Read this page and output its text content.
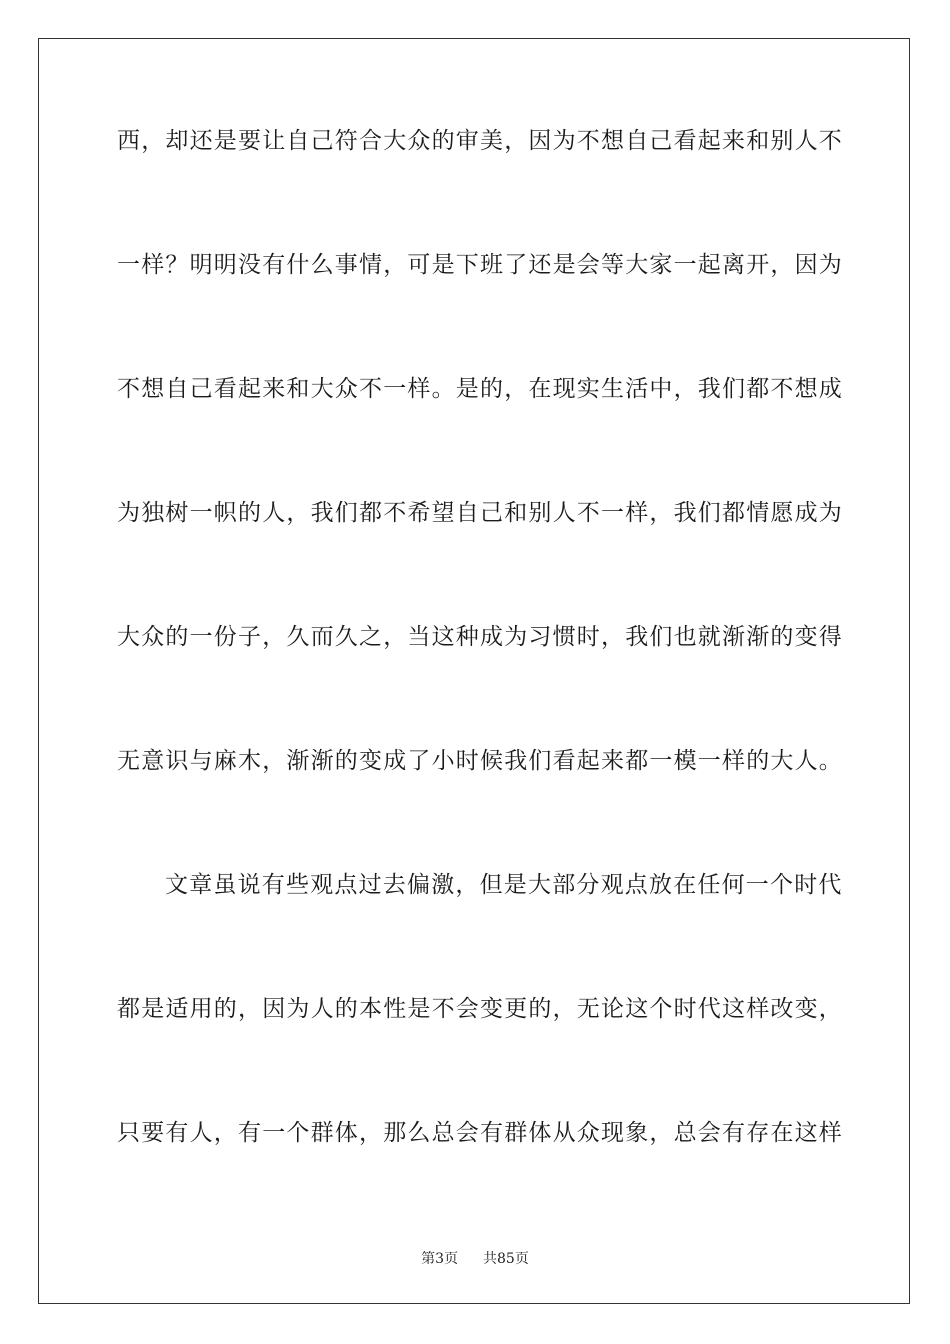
西，却还是要让自己符合大众的审美，因为不想自己看起来和别人不
一样？明明没有什么事情，可是下班了还是会等大家一起离开，因为
不想自己看起来和大众不一样。是的，在现实生活中，我们都不想成
为独树一帜的人，我们都不希望自己和别人不一样，我们都情愿成为
大众的一份子，久而久之，当这种成为习惯时，我们也就渐渐的变得
无意识与麻木，渐渐的变成了小时候我们看起来都一模一样的大人。
文章虽说有些观点过去偏激，但是大部分观点放在任何一个时代
都是适用的，因为人的本性是不会变更的，无论这个时代这样改变，
只要有人，有一个群体，那么总会有群体从众现象，总会有存在这样
第3页 共85页
